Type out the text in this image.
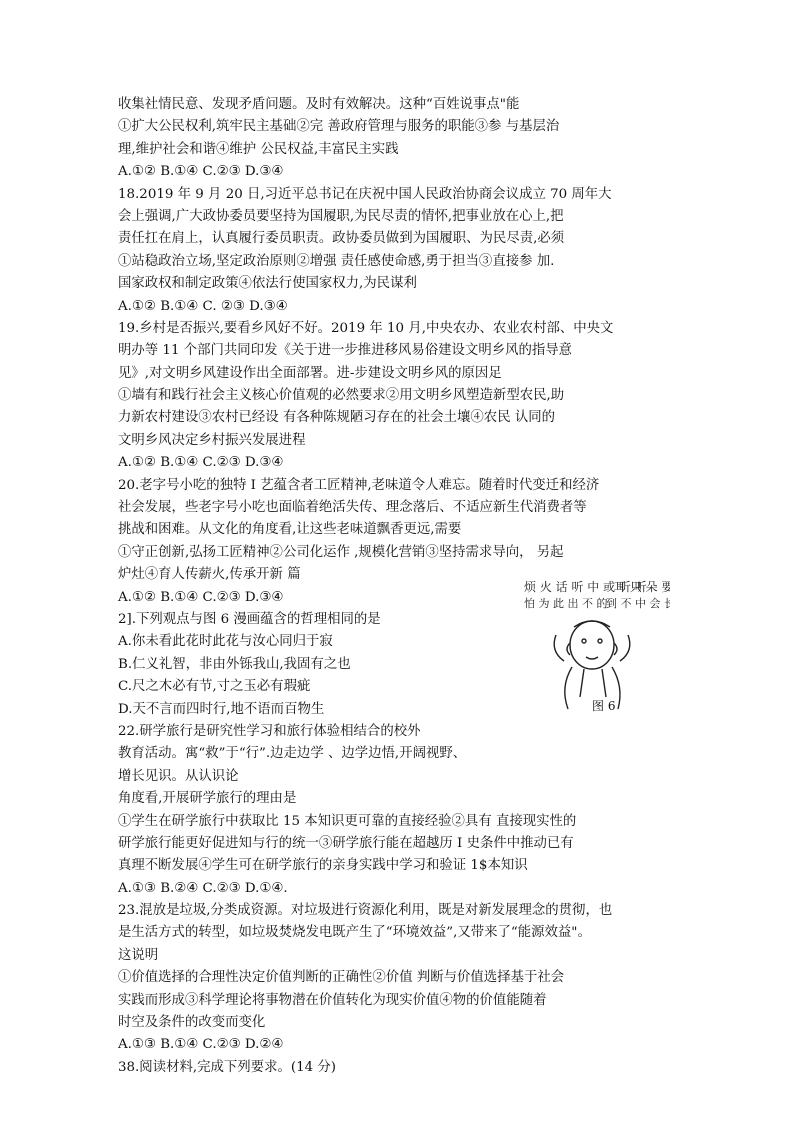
收集社情民意、发现矛盾问题。及时有效解决。这种“百姓说事点"能
①扩大公民权利,筑牢民主基础②完 善政府管理与服务的职能③参 与基层治
理,维护社会和谐④维护 公民权益,丰富民主实践
A.①② B.①④ C.②③ D.③④
18.2019 年 9 月 20 日,习近平总书记在庆祝中国人民政治协商会议成立 70 周年大
会上强调,广大政协委员要坚持为国履职,为民尽责的情怀,把事业放在心上,把
责任扛在肩上，认真履行委员职责。政协委员做到为国履职、为民尽责,必须
①站稳政治立场,坚定政治原则②增强 责任感使命感,勇于担当③直接参 加.
国家政权和制定政策④依法行使国家权力,为民谋利
A.①② B.①④ C. ②③ D.③④
19.乡村是否振兴,要看乡风好不好。2019 年 10 月,中央农办、农业农村部、中央文
明办等 11 个部门共同印发《关于进一步推进移风易俗建设文明乡风的指导意
见》,对文明乡风建设作出全面部署。进-步建设文明乡风的原因足
①墙有和践行社会主义核心价值观的必然要求②用文明乡风塑造新型农民,助
力新农村建设③农村已经设 有各种陈规陋习存在的社会土壤④农民 认同的
文明乡风决定乡村振兴发展进程
A.①② B.①④ C.②③ D.③④
20.老字号小吃的独特 I 艺蕴含者工匠精神,老味道令人难忘。随着时代变迁和经济
社会发展，些老字号小吃也面临着绝活失传、理念落后、不适应新生代消费者等
挑战和困难。从文化的角度看,让这些老味道飘香更远,需要
①守正创新,弘扬工匠精神②公司化运作 ,规模化营销③坚持需求导向， 另起
炉灶④育人传薪火,传承开新 篇
A.①② B.①④ C.②③ D.③④
2].下列观点与图 6 漫画蕴含的哲理相同的是
A.你未看此花时此花与汝心同归于寂
B.仁义礼智，非由外铄我山,我固有之也
C.尺之木必有节,寸之玉必有瑕疵
D.天不言而四时行,地不语而百物生
22.研学旅行是研究性学习和旅行体验相结合的校外
教育活动。寓“救”于“行”.边走边学 、边学边悟,开阔视野、
增长见识。从认识论
角度看,开展研学旅行的理由是
①学生在研学旅行中获取比 15 本知识更可靠的直接经验②具有 直接现实性的
研学旅行能更好促进知与行的统一③研学旅行能在超越历 I 史条件中推动已有
真理不断发展④学生可在研学旅行的亲身实践中学习和验证 1$本知识
A.①③ B.②④ C.②③ D.①④.
23.混放是垃圾,分类成资源。对垃圾进行资源化利用，既是对新发展理念的贯彻，也
是生活方式的转型，如垃圾焚烧发电既产生了“环境效益”,又带来了“能源效益"。
这说明
①价值选择的合理性决定价值判断的正确性②价值 判断与价值选择基于社会
实践而形成③科学理论将事物潜在价值转化为现实价值④物的价值能随着
时空及条件的改变而变化
A.①③ B.①④ C.②③ D.②④
38.阅读材料,完成下列要求。(14 分)
烦 火 话 听 中 或 听 听
怕 为 此 出 不 的
耳 只 朵 要
到 不 中 会 长
图 6
